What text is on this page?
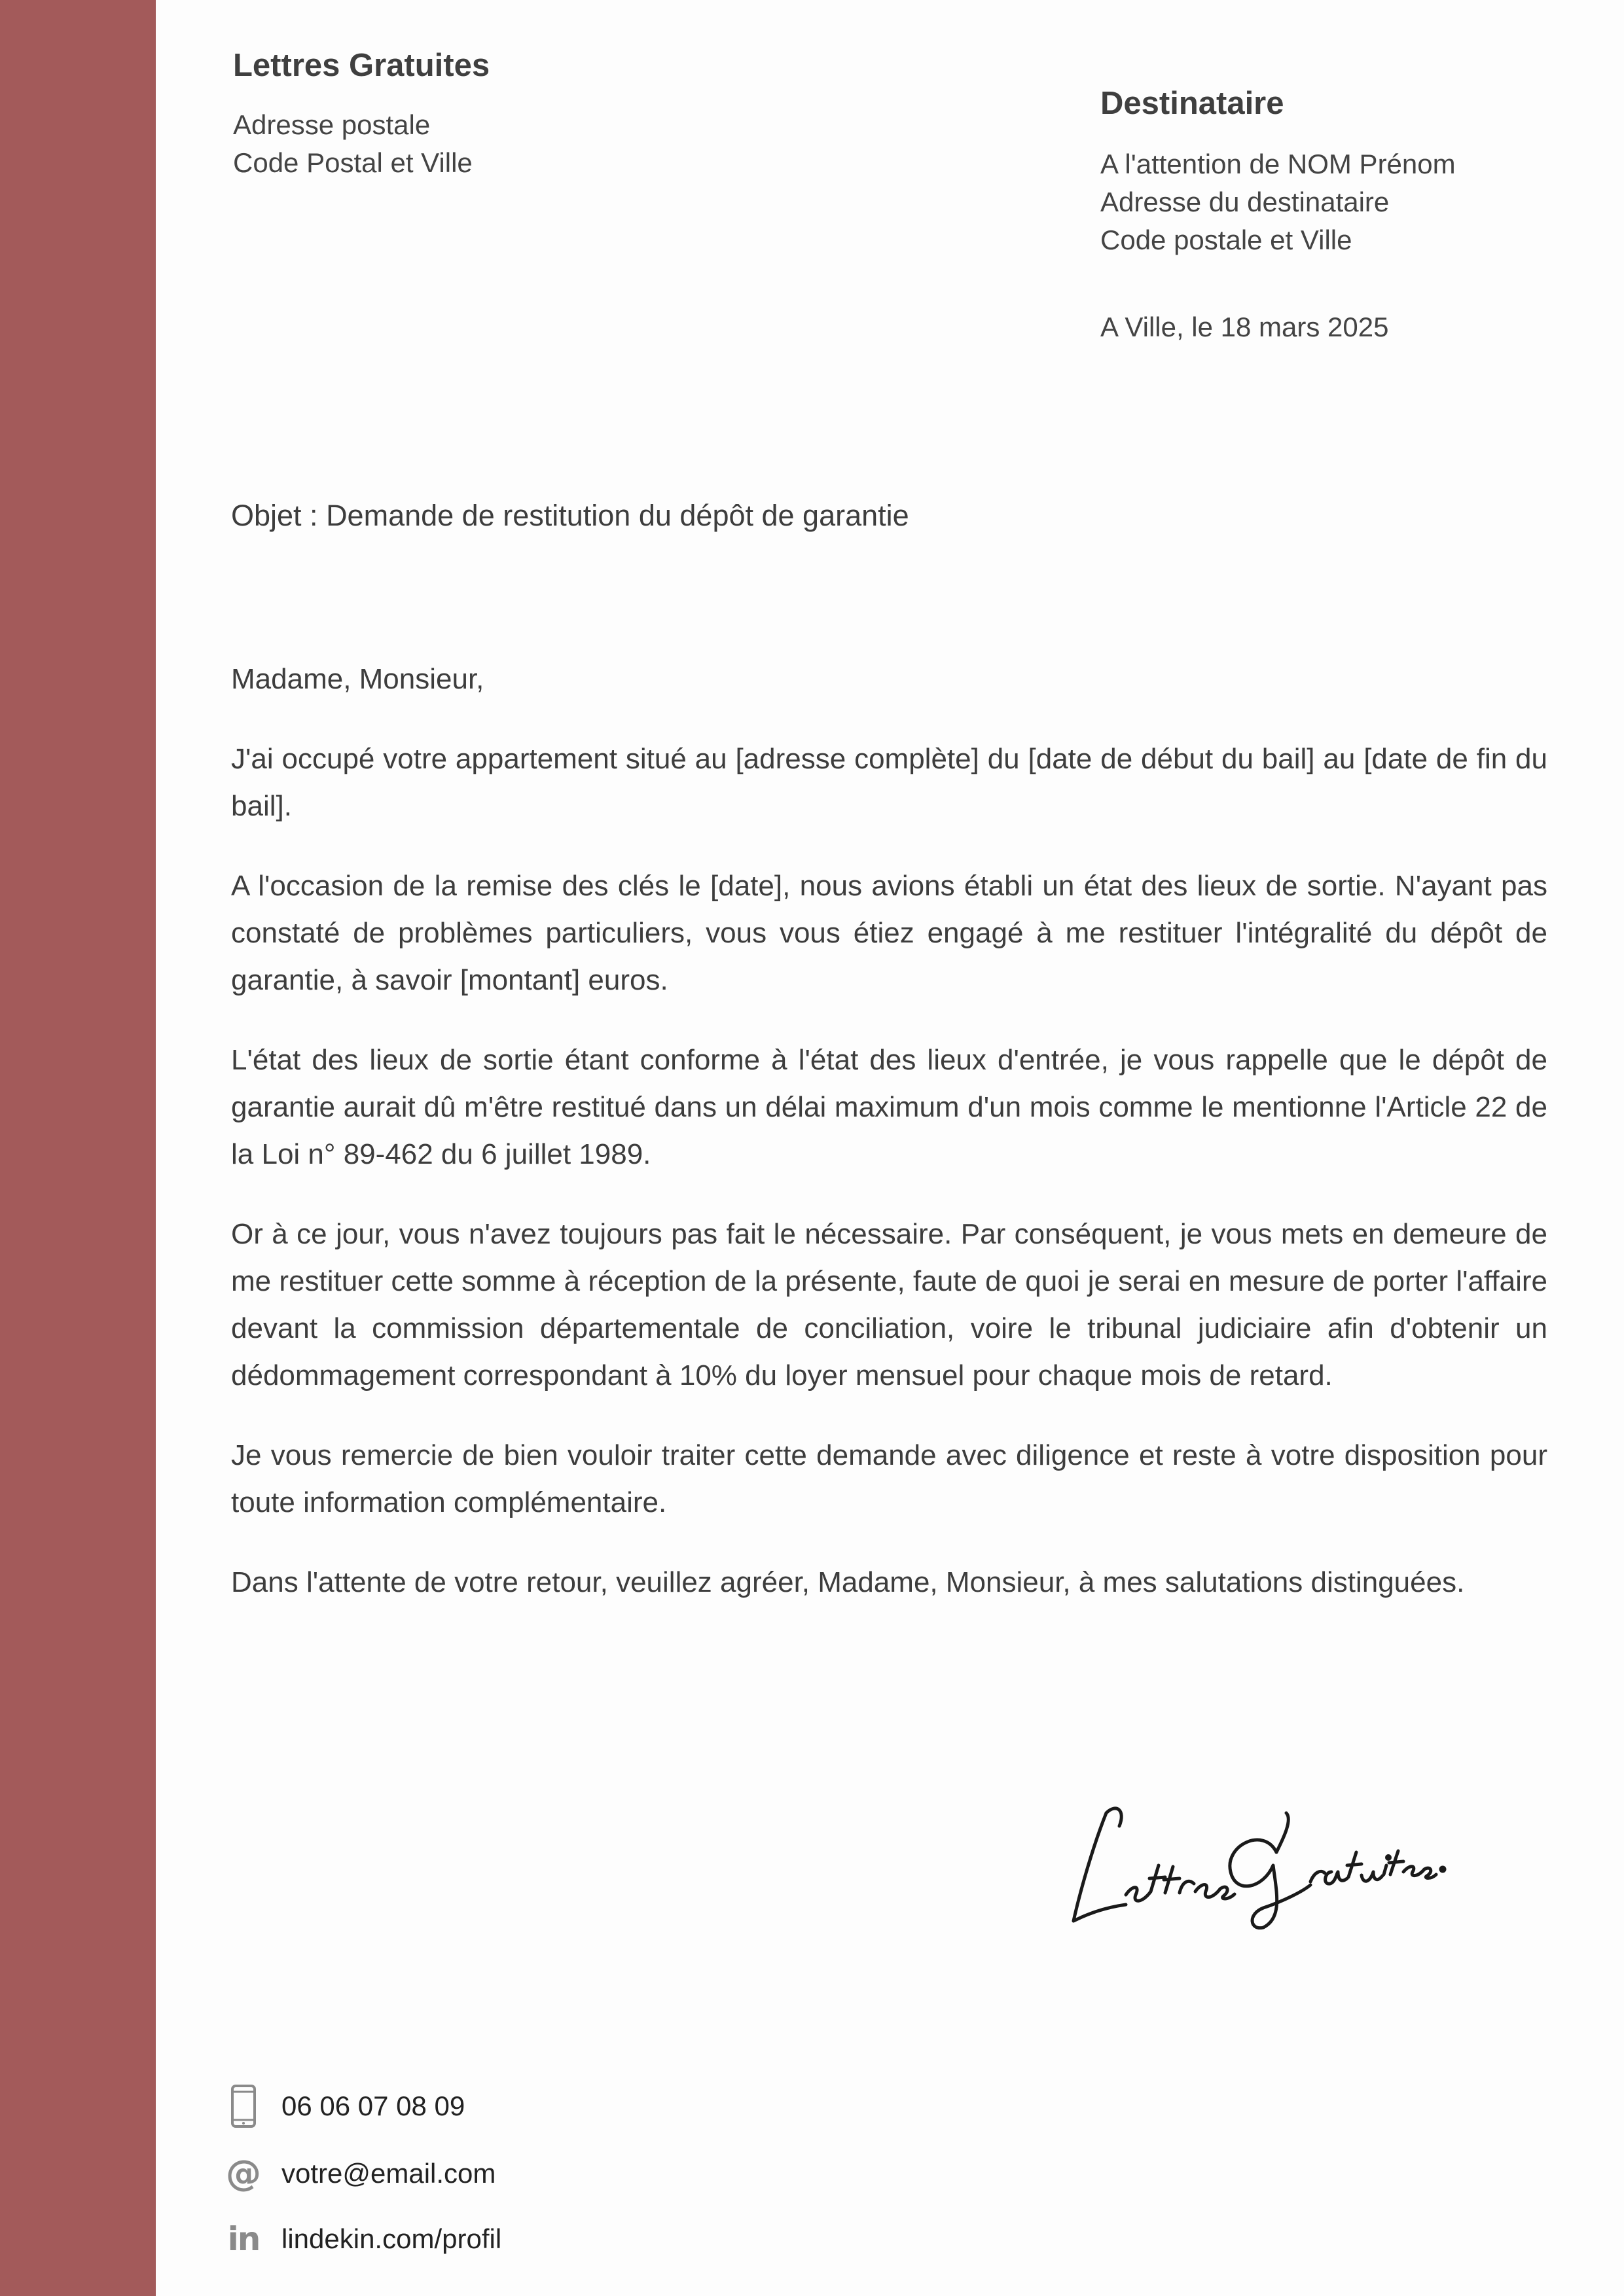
Lettres Gratuites
Adresse postale
Code Postal et Ville
Destinataire
A l'attention de NOM Prénom
Adresse du destinataire
Code postale et Ville
A Ville, le 18 mars 2025
Objet : Demande de restitution du dépôt de garantie

Madame, Monsieur,

J'ai occupé votre appartement situé au [adresse complète] du [date de début du bail] au [date de fin du bail].

A l'occasion de la remise des clés le [date], nous avions établi un état des lieux de sortie. N'ayant pas constaté de problèmes particuliers, vous vous étiez engagé à me restituer l'intégralité du dépôt de garantie, à savoir [montant] euros.

L'état des lieux de sortie étant conforme à l'état des lieux d'entrée, je vous rappelle que le dépôt de garantie aurait dû m'être restitué dans un délai maximum d'un mois comme le mentionne l'Article 22 de la Loi n° 89-462 du 6 juillet 1989.

Or à ce jour, vous n'avez toujours pas fait le nécessaire. Par conséquent, je vous mets en demeure de me restituer cette somme à réception de la présente, faute de quoi je serai en mesure de porter l'affaire devant la commission départementale de conciliation, voire le tribunal judiciaire afin d'obtenir un dédommagement correspondant à 10% du loyer mensuel pour chaque mois de retard.

Je vous remercie de bien vouloir traiter cette demande avec diligence et reste à votre disposition pour toute information complémentaire.

Dans l'attente de votre retour, veuillez agréer, Madame, Monsieur, à mes salutations distinguées.

06 06 07 08 09
@ votre@email.com
in lindekin.com/profil
